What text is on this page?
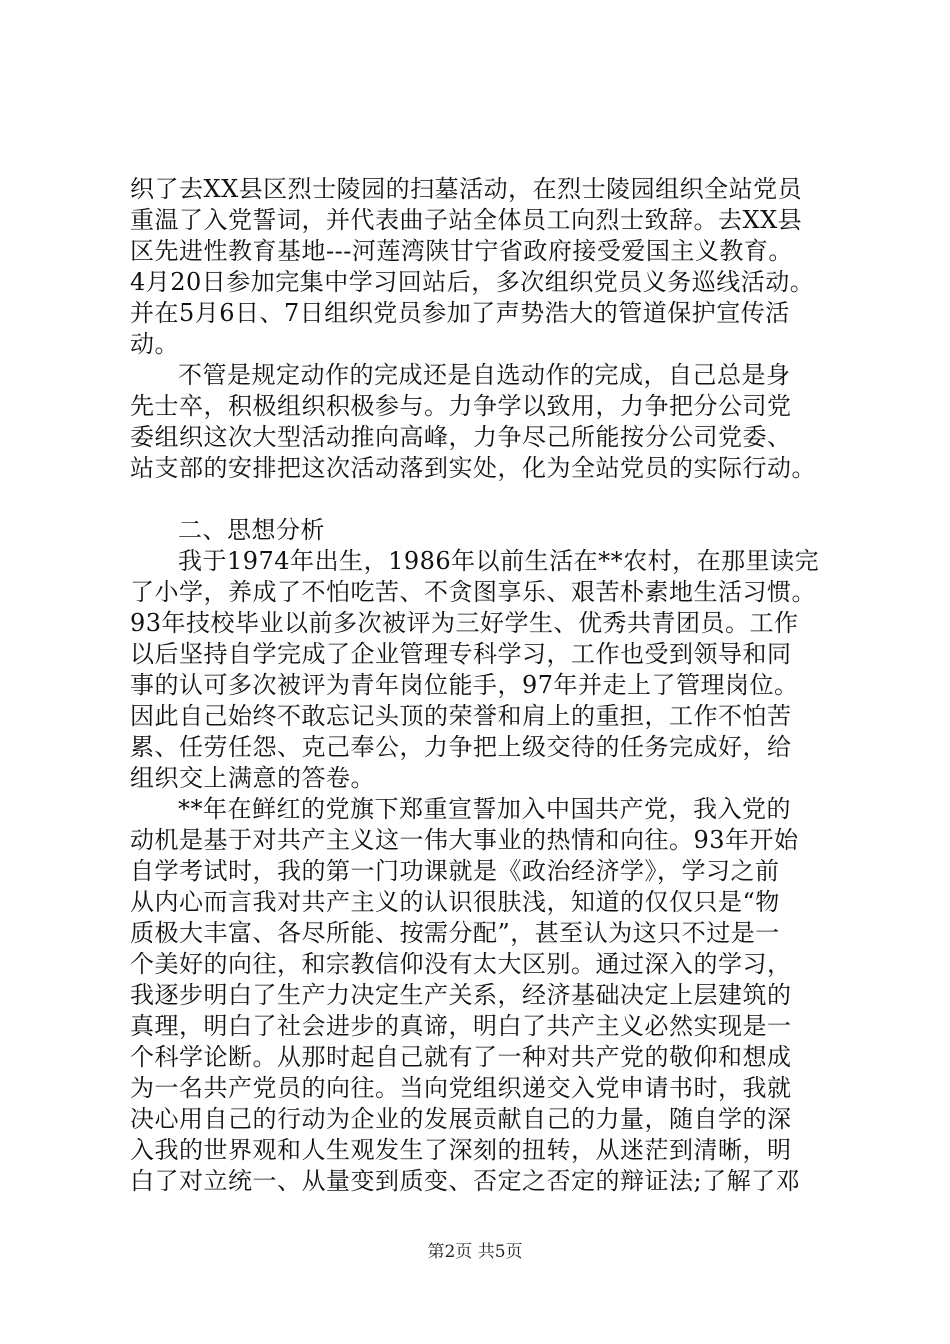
织了去XX县区烈士陵园的扫墓活动，在烈士陵园组织全站党员
重温了入党誓词，并代表曲子站全体员工向烈士致辞。去XX县
区先进性教育基地---河莲湾陕甘宁省政府接受爱国主义教育。
4月20日参加完集中学习回站后，多次组织党员义务巡线活动。
并在5月6日、7日组织党员参加了声势浩大的管道保护宣传活
动。
不管是规定动作的完成还是自选动作的完成，自己总是身
先士卒，积极组织积极参与。力争学以致用，力争把分公司党
委组织这次大型活动推向高峰，力争尽己所能按分公司党委、
站支部的安排把这次活动落到实处，化为全站党员的实际行动。
二、思想分析
我于1974年出生，1986年以前生活在**农村，在那里读完
了小学，养成了不怕吃苦、不贪图享乐、艰苦朴素地生活习惯。
93年技校毕业以前多次被评为三好学生、优秀共青团员。工作
以后坚持自学完成了企业管理专科学习，工作也受到领导和同
事的认可多次被评为青年岗位能手，97年并走上了管理岗位。
因此自己始终不敢忘记头顶的荣誉和肩上的重担，工作不怕苦
累、任劳任怨、克己奉公，力争把上级交待的任务完成好，给
组织交上满意的答卷。
**年在鲜红的党旗下郑重宣誓加入中国共产党，我入党的
动机是基于对共产主义这一伟大事业的热情和向往。93年开始
自学考试时，我的第一门功课就是《政治经济学》，学习之前
从内心而言我对共产主义的认识很肤浅，知道的仅仅只是“物
质极大丰富、各尽所能、按需分配”，甚至认为这只不过是一
个美好的向往，和宗教信仰没有太大区别。通过深入的学习，
我逐步明白了生产力决定生产关系，经济基础决定上层建筑的
真理，明白了社会进步的真谛，明白了共产主义必然实现是一
个科学论断。从那时起自己就有了一种对共产党的敬仰和想成
为一名共产党员的向往。当向党组织递交入党申请书时，我就
决心用自己的行动为企业的发展贡献自己的力量，随自学的深
入我的世界观和人生观发生了深刻的扭转，从迷茫到清晰，明
白了对立统一、从量变到质变、否定之否定的辩证法;了解了邓
第2页 共5页
